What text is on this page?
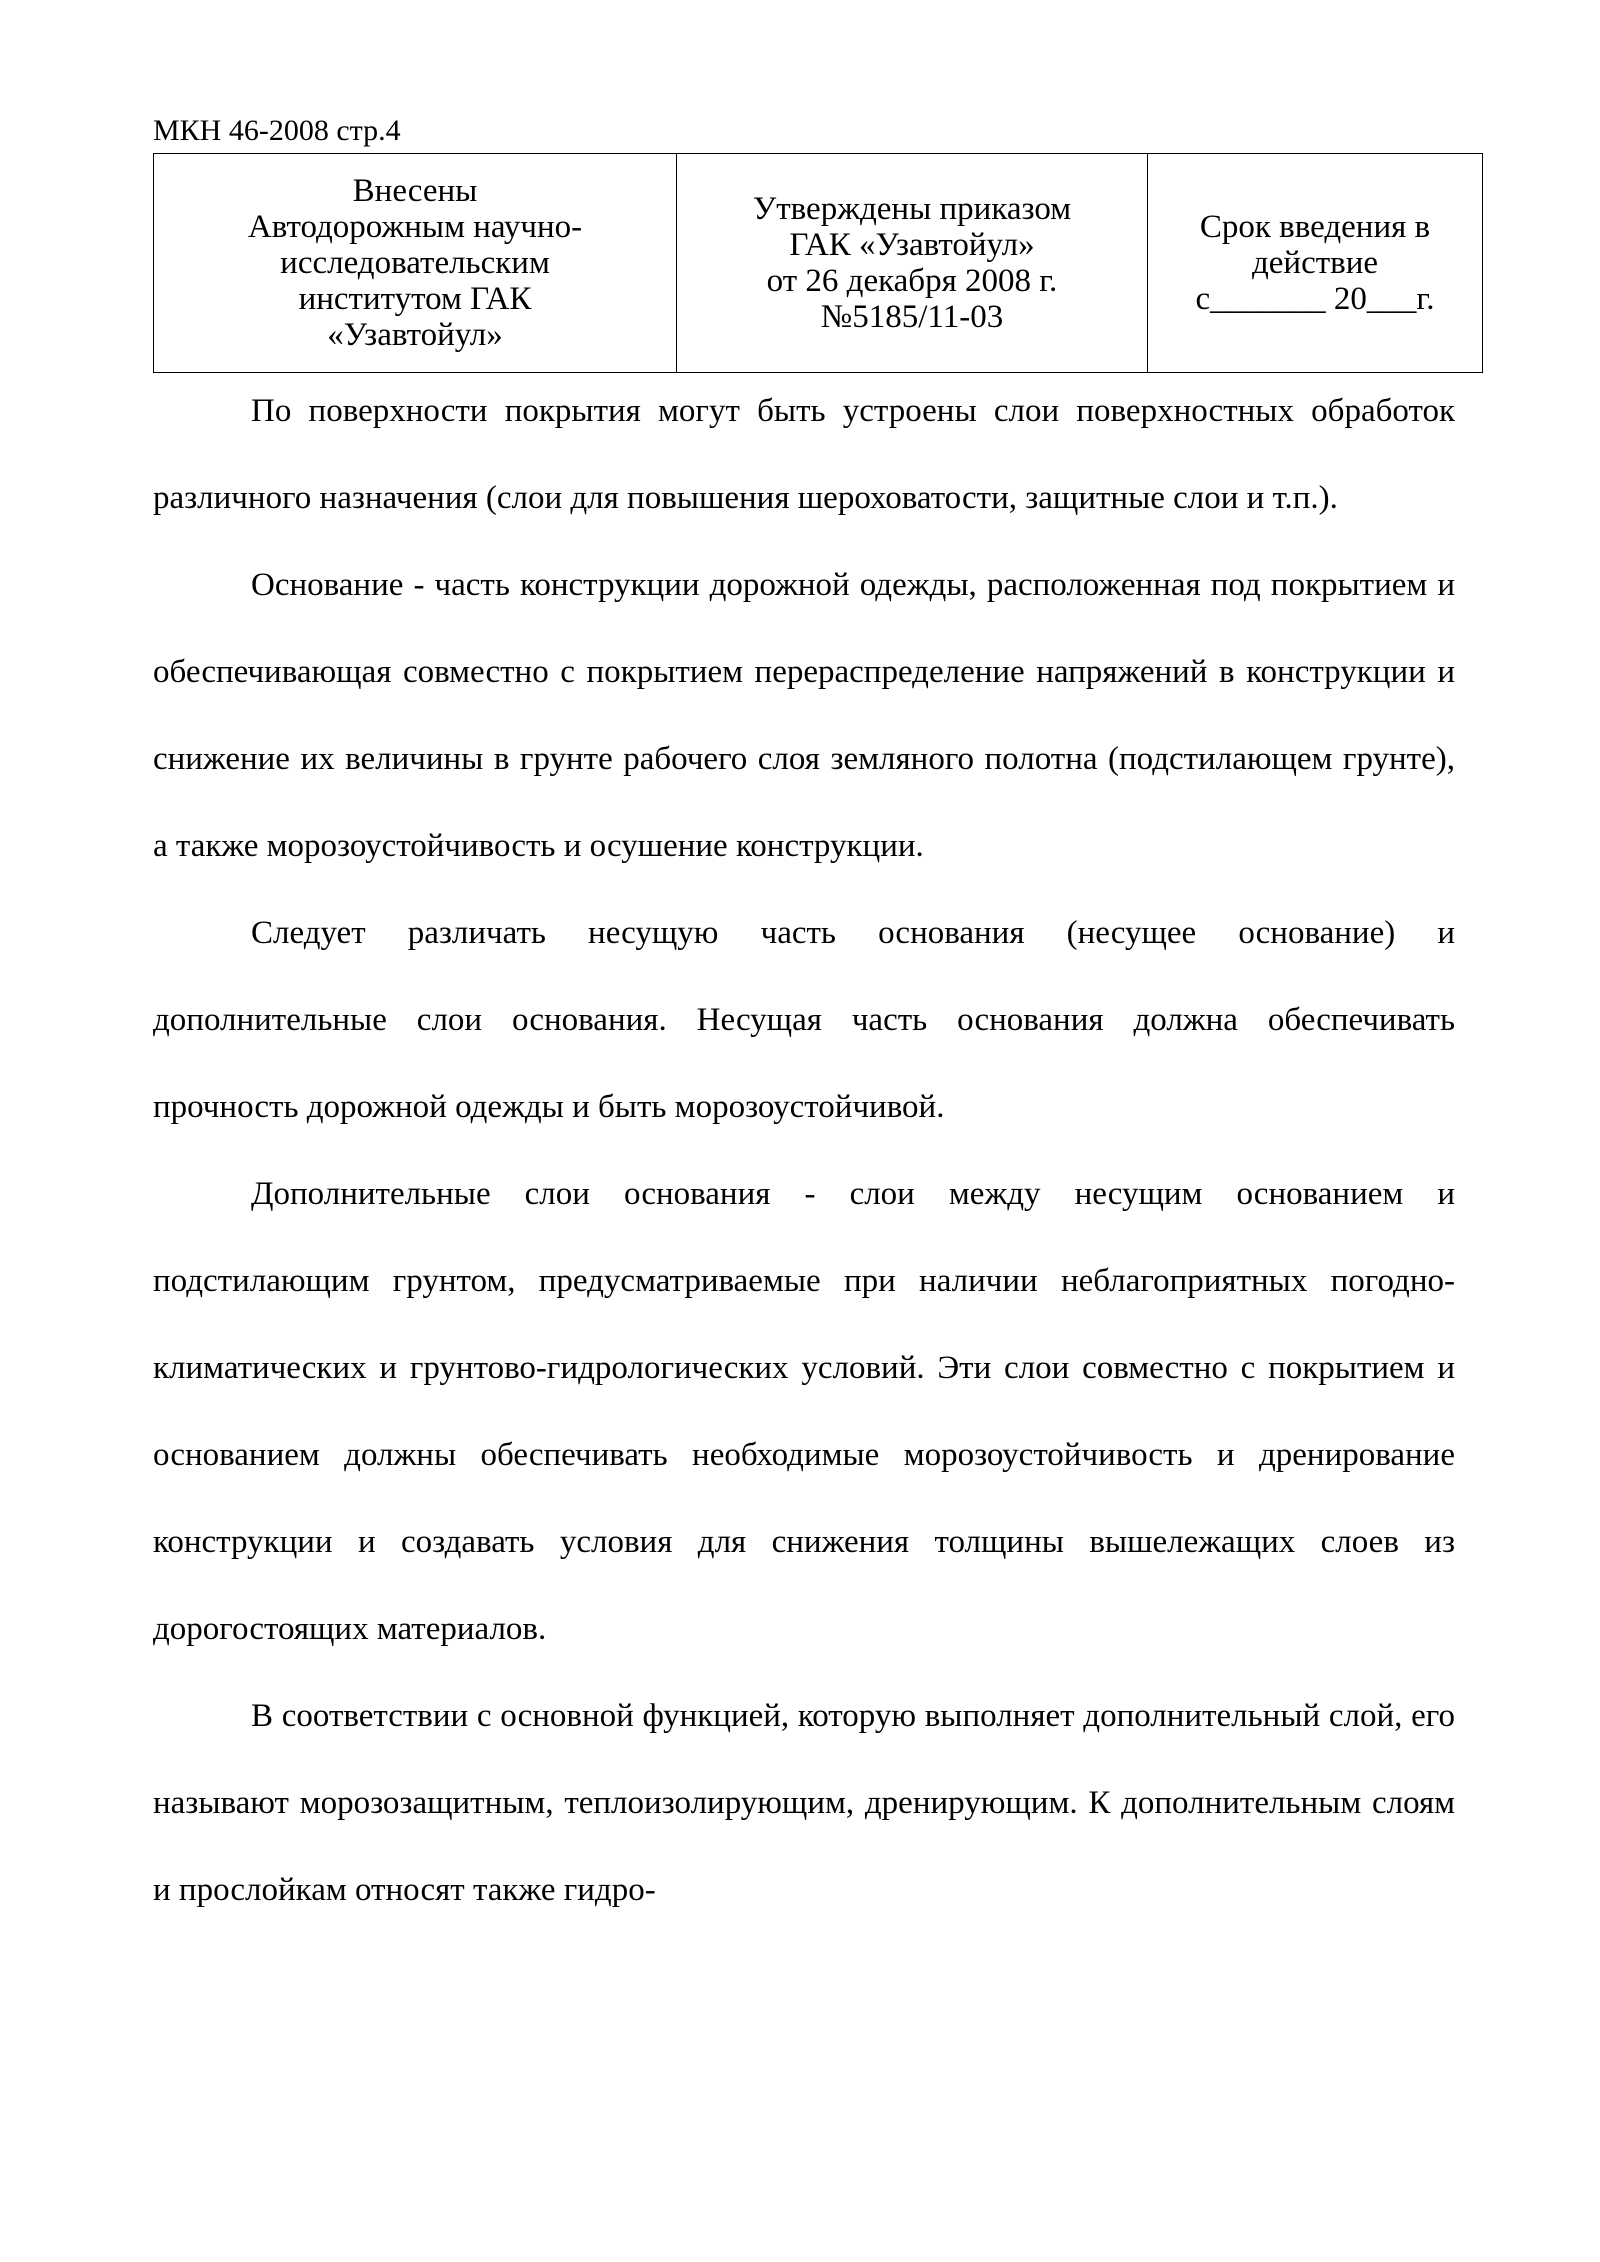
МКН 46-2008 стр.4
Внесены
Автодорожным научно-
исследовательским
институтом ГАК
«Узавтойул»

Утверждены приказом
ГАК «Узавтойул»
от 26 декабря 2008 г.
№5185/11-03

Срок введения в
действие
с_______ 20___г.

По поверхности покрытия могут быть устроены слои поверхностных обработок различного назначения (слои для повышения шероховатости, защитные слои и т.п.).

Основание - часть конструкции дорожной одежды, расположенная под покрытием и обеспечивающая совместно с покрытием перераспределение напряжений в конструкции и снижение их величины в грунте рабочего слоя земляного полотна (подстилающем грунте), а также морозоустойчивость и осушение конструкции.

Следует различать несущую часть основания (несущее основание) и дополнительные слои основания. Несущая часть основания должна обеспечивать прочность дорожной одежды и быть морозоустойчивой.

Дополнительные слои основания - слои между несущим основанием и подстилающим грунтом, предусматриваемые при наличии неблагоприятных погодно-климатических и грунтово-гидрологических условий. Эти слои совместно с покрытием и основанием должны обеспечивать необходимые морозоустойчивость и дренирование конструкции и создавать условия для снижения толщины вышележащих слоев из дорогостоящих материалов.

В соответствии с основной функцией, которую выполняет дополнительный слой, его называют морозозащитным, теплоизолирующим, дренирующим. К дополнительным слоям и прослойкам относят также гидро-
